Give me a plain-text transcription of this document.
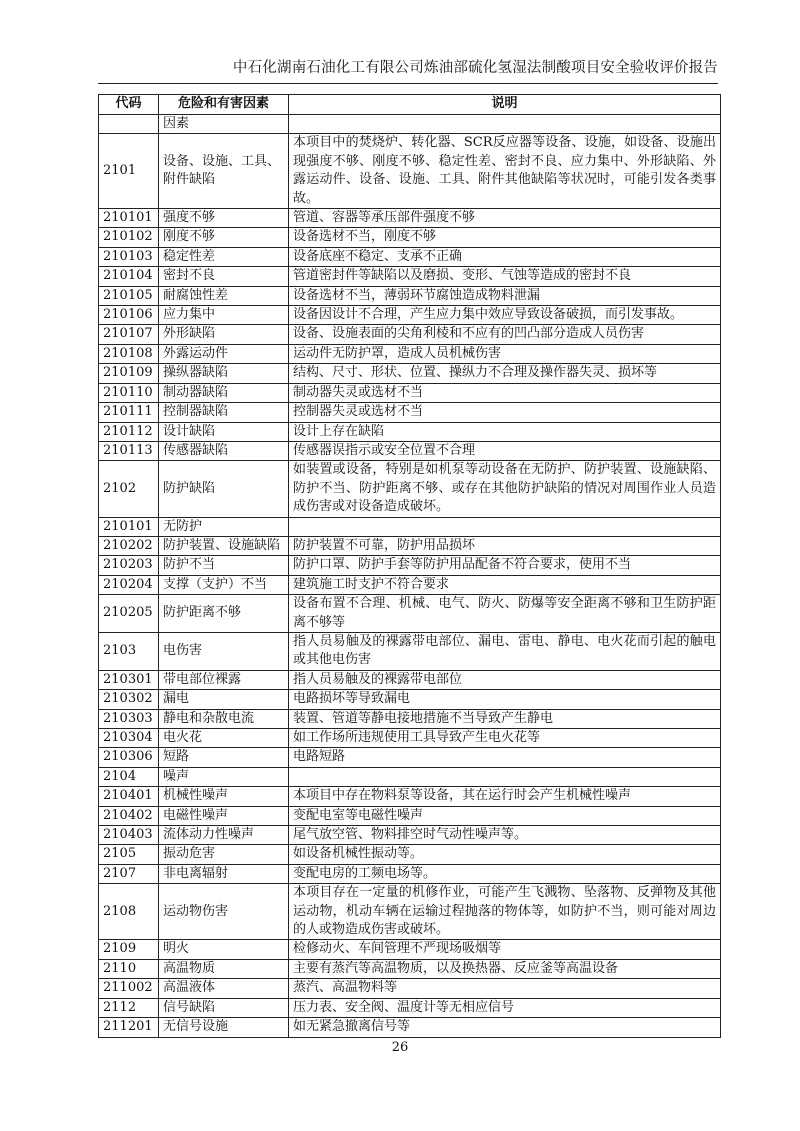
中石化湖南石油化工有限公司炼油部硫化氢湿法制酸项目安全验收评价报告
代码	危险和有害因素	说明
	因素	
2101	设备、设施、工具、附件缺陷	本项目中的焚烧炉、转化器、SCR反应器等设备、设施，如设备、设施出现强度不够、刚度不够、稳定性差、密封不良、应力集中、外形缺陷、外露运动件、设备、设施、工具、附件其他缺陷等状况时，可能引发各类事故。
210101	强度不够	管道、容器等承压部件强度不够
210102	刚度不够	设备选材不当，刚度不够
210103	稳定性差	设备底座不稳定、支承不正确
210104	密封不良	管道密封件等缺陷以及磨损、变形、气蚀等造成的密封不良
210105	耐腐蚀性差	设备选材不当，薄弱环节腐蚀造成物料泄漏
210106	应力集中	设备因设计不合理，产生应力集中效应导致设备破损，而引发事故。
210107	外形缺陷	设备、设施表面的尖角利棱和不应有的凹凸部分造成人员伤害
210108	外露运动件	运动件无防护罩，造成人员机械伤害
210109	操纵器缺陷	结构、尺寸、形状、位置、操纵力不合理及操作器失灵、损坏等
210110	制动器缺陷	制动器失灵或选材不当
210111	控制器缺陷	控制器失灵或选材不当
210112	设计缺陷	设计上存在缺陷
210113	传感器缺陷	传感器误指示或安全位置不合理
2102	防护缺陷	如装置或设备，特别是如机泵等动设备在无防护、防护装置、设施缺陷、防护不当、防护距离不够、或存在其他防护缺陷的情况对周围作业人员造成伤害或对设备造成破坏。
210101	无防护	
210202	防护装置、设施缺陷	防护装置不可靠，防护用品损坏
210203	防护不当	防护口罩、防护手套等防护用品配备不符合要求，使用不当
210204	支撑（支护）不当	建筑施工时支护不符合要求
210205	防护距离不够	设备布置不合理、机械、电气、防火、防爆等安全距离不够和卫生防护距离不够等
2103	电伤害	指人员易触及的裸露带电部位、漏电、雷电、静电、电火花而引起的触电或其他电伤害
210301	带电部位裸露	指人员易触及的裸露带电部位
210302	漏电	电路损坏等导致漏电
210303	静电和杂散电流	装置、管道等静电接地措施不当导致产生静电
210304	电火花	如工作场所违规使用工具导致产生电火花等
210306	短路	电路短路
2104	噪声	
210401	机械性噪声	本项目中存在物料泵等设备，其在运行时会产生机械性噪声
210402	电磁性噪声	变配电室等电磁性噪声
210403	流体动力性噪声	尾气放空管、物料排空时气动性噪声等。
2105	振动危害	如设备机械性振动等。
2107	非电离辐射	变配电房的工频电场等。
2108	运动物伤害	本项目存在一定量的机修作业，可能产生飞溅物、坠落物、反弹物及其他运动物，机动车辆在运输过程抛落的物体等，如防护不当，则可能对周边的人或物造成伤害或破坏。
2109	明火	检修动火、车间管理不严现场吸烟等
2110	高温物质	主要有蒸汽等高温物质，以及换热器、反应釜等高温设备
211002	高温液体	蒸汽、高温物料等
2112	信号缺陷	压力表、安全阀、温度计等无相应信号
211201	无信号设施	如无紧急撤离信号等
26
